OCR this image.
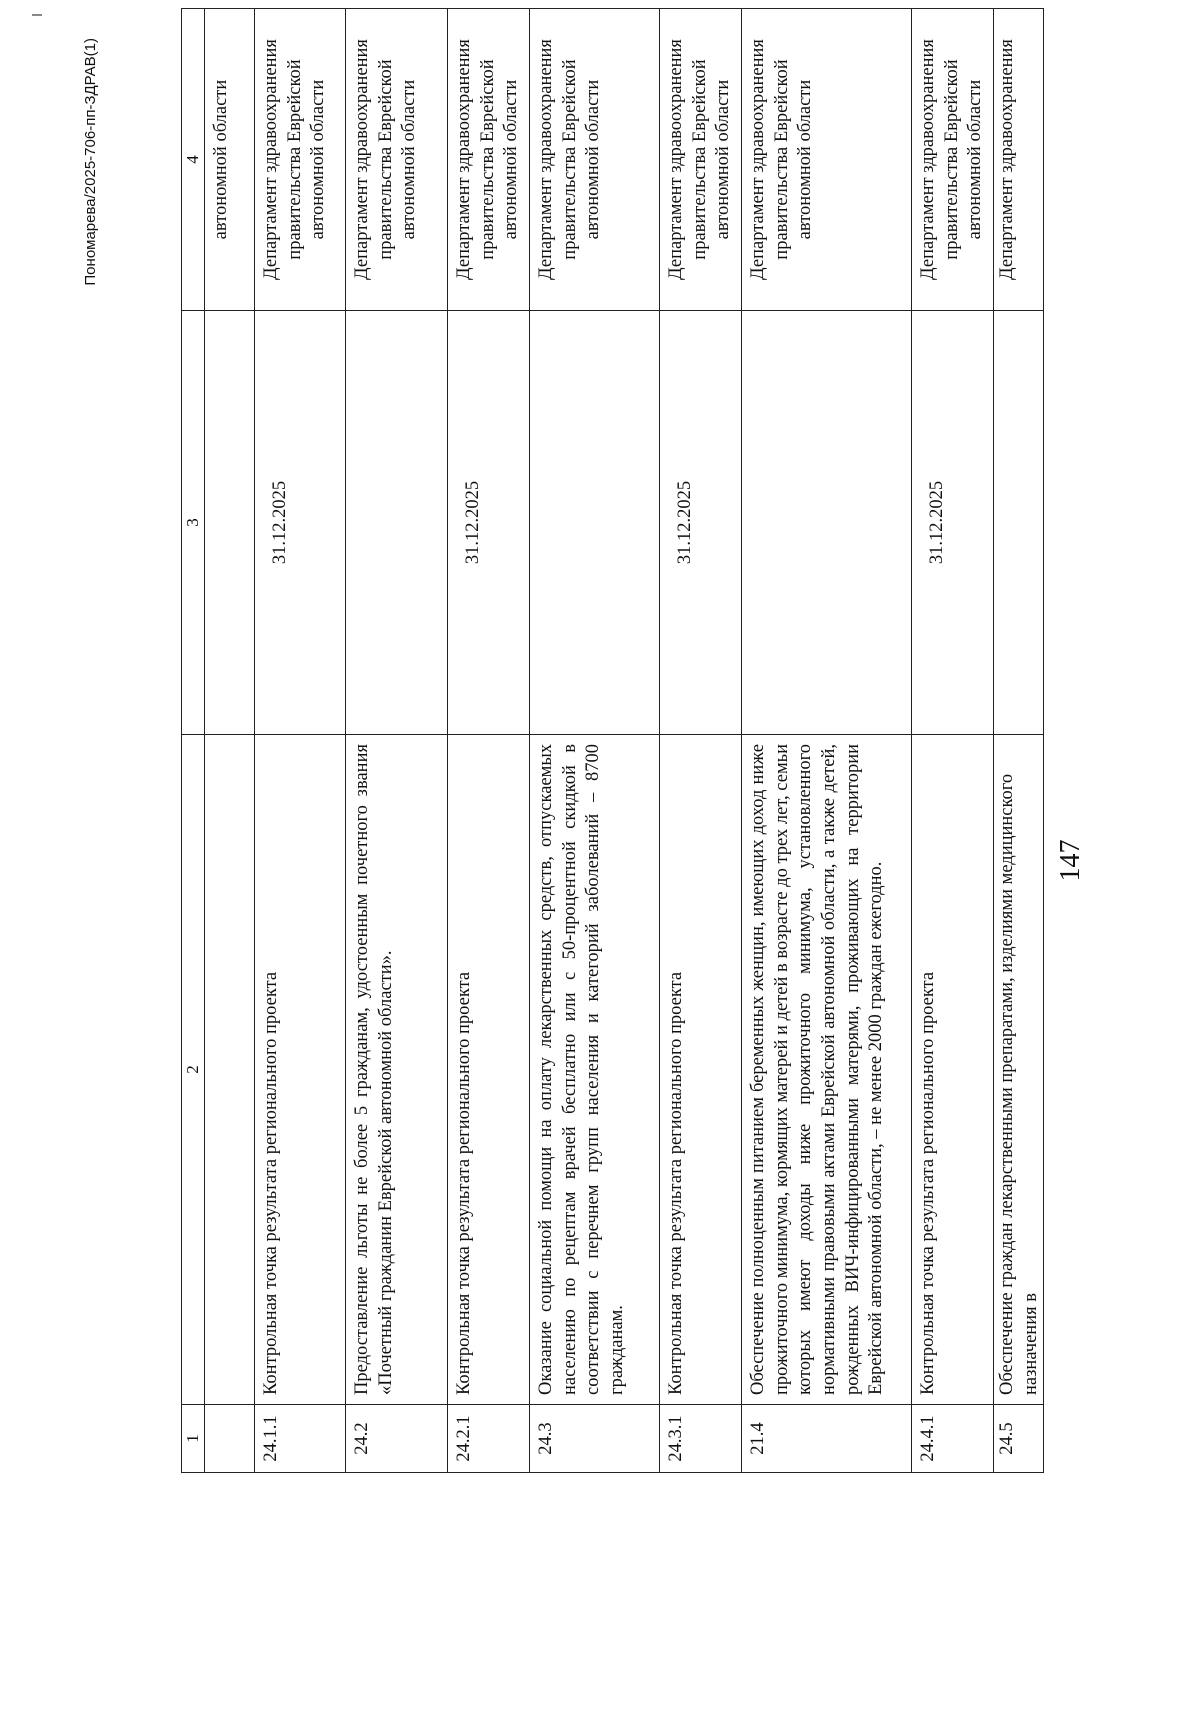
147
1	2	3	4
			автономной области
24.1.1	Контрольная точка результата регионального проекта	31.12.2025	Департамент здравоохранения правительства Еврейской автономной области
24.2	Предоставление льготы не более 5 гражданам, удостоенным почетного звания «Почетный гражданин Еврейской автономной области».		Департамент здравоохранения правительства Еврейской автономной области
24.2.1	Контрольная точка результата регионального проекта	31.12.2025	Департамент здравоохранения правительства Еврейской автономной области
24.3	Оказание социальной помощи на оплату лекарственных средств, отпускаемых населению по рецептам врачей бесплатно или с 50-процентной скидкой в соответствии с перечнем групп населения и категорий заболеваний – 8700 гражданам.		Департамент здравоохранения правительства Еврейской автономной области
24.3.1	Контрольная точка результата регионального проекта	31.12.2025	Департамент здравоохранения правительства Еврейской автономной области
21.4	Обеспечение полноценным питанием беременных женщин, имеющих доход ниже прожиточного минимума, кормящих матерей и детей в возрасте до трех лет, семьи которых имеют доходы ниже прожиточного минимума, установленного нормативными правовыми актами Еврейской автономной области, а также детей, рожденных ВИЧ-инфицированными матерями, проживающих на территории Еврейской автономной области, – не менее 2000 граждан ежегодно.		Департамент здравоохранения правительства Еврейской автономной области
24.4.1	Контрольная точка результата регионального проекта	31.12.2025	Департамент здравоохранения правительства Еврейской автономной области
24.5	Обеспечение граждан лекарственными препаратами, изделиями медицинского назначения в		Департамент здравоохранения
Пономарева/2025-706-пп-ЗДРАВ(1)
